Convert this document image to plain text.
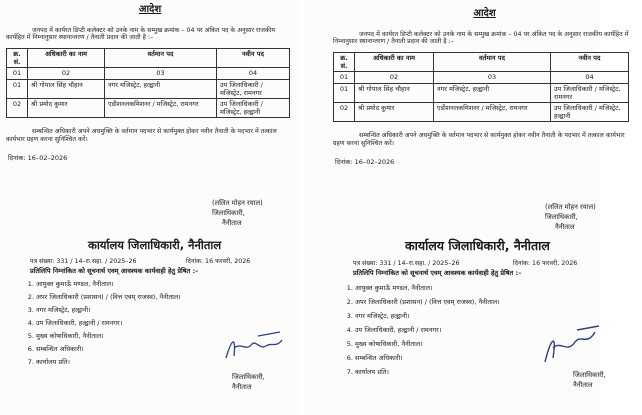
आदेश
जनपद में कार्यरत डिप्टी कलेक्टर को उनके नाम के सम्मुख क्रमांक – 04 पर अंकित पद के अनुसार राजकीय कार्यहित में निम्नानुसार स्थानान्तरण / तैनाती प्रदान की जाती है :–
क्र. सं.	अधिकारी का नाम	वर्तमान पद	नवीन पद
01	02	03	04
01	श्री गोपाल सिंह चौहान	नगर मजिस्ट्रेट, हल्द्वानी	उप जिलाधिकारी / मजिस्ट्रेट, रामनगर
02	श्री प्रमोद कुमार	एडीशनलकमिशनर / मजिस्ट्रेट, रामनगर	उप जिलाधिकारी / मजिस्ट्रेट, हल्द्वानी
सम्बन्धित अधिकारी अपने अधमुक्ति के वर्तमान पदभार से कार्यमुक्त होकर नवीन तैनाती के पदभार में तत्काल कार्यभार ग्रहण करना सुनिश्चित करें।
दिनांक: 16–02–2026
(ललित मोहन रयाल)
जिलाधिकारी,
नैनीताल
कार्यालय जिलाधिकारी, नैनीताल
पत्र संख्या: 331 / 14–रा.सहा. / 2025–26	दिनांक: 16 फरवरी, 2026
प्रतिलिपि निम्नांकित को सूचनार्थ एवम् आवश्यक कार्यवाही हेतु प्रेषित :–
1. आयुक्त कुमाऊँ मण्डल, नैनीताल।
2. अपर जिलाधिकारी (प्रशासन) / (वित्त एवम् राजस्व), नैनीताल।
3. नगर मजिस्ट्रेट, हल्द्वानी।
4. उप जिलाधिकारी, हल्द्वानी / रामनगर।
5. मुख्य कोषाधिकारी, नैनीताल।
6. सम्बन्धित अधिकारी।
7. कार्यालय प्रति।
जिलाधिकारी,
नैनीताल
आदेश
जनपद में कार्यरत डिप्टी कलेक्टर को उनके नाम के सम्मुख क्रमांक – 04 पर अंकित पद के अनुसार राजकीय कार्यहित में निम्नानुसार स्थानान्तरण / तैनाती प्रदान की जाती है :–
क्र. सं.	अधिकारी का नाम	वर्तमान पद	नवीन पद
01	02	03	04
01	श्री गोपाल सिंह चौहान	नगर मजिस्ट्रेट, हल्द्वानी	उप जिलाधिकारी / मजिस्ट्रेट, रामनगर
02	श्री प्रमोद कुमार	एडीशनलकमिशनर / मजिस्ट्रेट, रामनगर	उप जिलाधिकारी / मजिस्ट्रेट, हल्द्वानी
सम्बन्धित अधिकारी अपने अधमुक्ति के वर्तमान पदभार से कार्यमुक्त होकर नवीन तैनाती के पदभार में तत्काल कार्यभार ग्रहण करना सुनिश्चित करें।
दिनांक: 16–02–2026
(ललित मोहन रयाल)
जिलाधिकारी,
नैनीताल
कार्यालय जिलाधिकारी, नैनीताल
पत्र संख्या: 331 / 14–रा.सहा. / 2025–26	दिनांक: 16 फरवरी, 2026
प्रतिलिपि निम्नांकित को सूचनार्थ एवम् आवश्यक कार्यवाही हेतु प्रेषित :–
1. आयुक्त कुमाऊँ मण्डल, नैनीताल।
2. अपर जिलाधिकारी (प्रशासन) / (वित्त एवम् राजस्व), नैनीताल।
3. नगर मजिस्ट्रेट, हल्द्वानी।
4. उप जिलाधिकारी, हल्द्वानी / रामनगर।
5. मुख्य कोषाधिकारी, नैनीताल।
6. सम्बन्धित अधिकारी।
7. कार्यालय प्रति।	जिलाधिकारी,
नैनीताल
